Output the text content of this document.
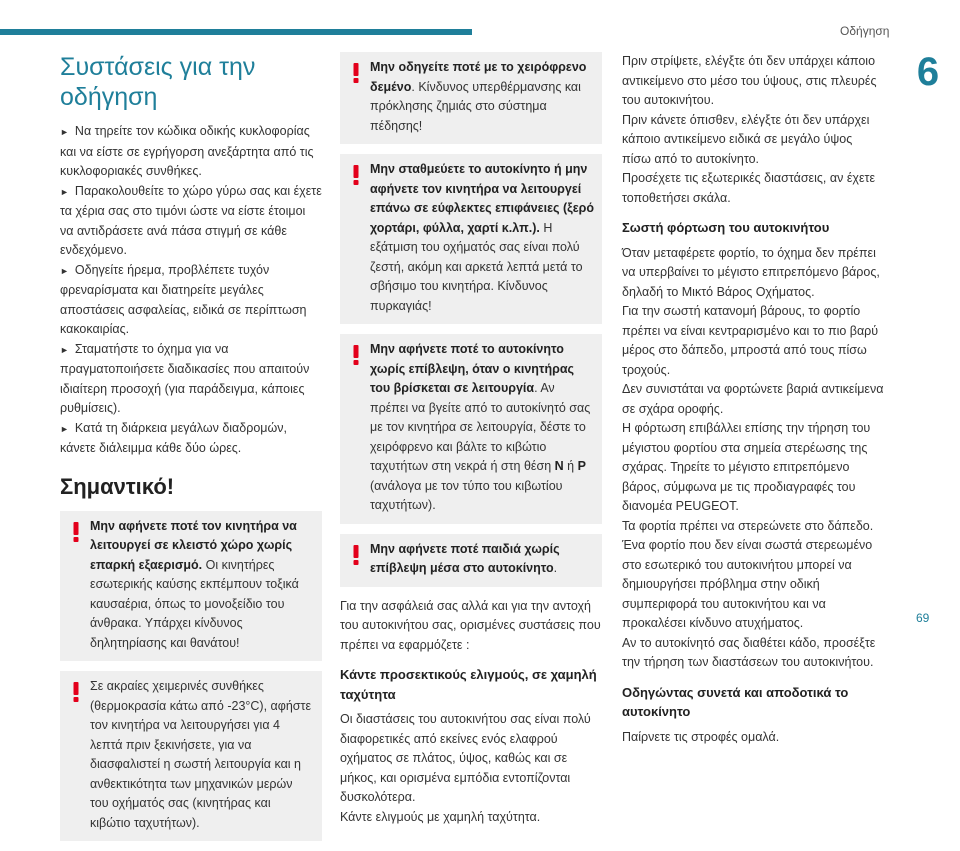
Οδήγηση
6
69
Συστάσεις για την οδήγηση

► Να τηρείτε τον κώδικα οδικής κυκλοφορίας και να είστε σε εγρήγορση ανεξάρτητα από τις κυκλοφοριακές συνθήκες.

► Παρακολουθείτε το χώρο γύρω σας και έχετε τα χέρια σας στο τιμόνι ώστε να είστε έτοιμοι να αντιδράσετε ανά πάσα στιγμή σε κάθε ενδεχόμενο.

► Οδηγείτε ήρεμα, προβλέπετε τυχόν φρεναρίσματα και διατηρείτε μεγάλες αποστάσεις ασφαλείας, ειδικά σε περίπτωση κακοκαιρίας.

► Σταματήστε το όχημα για να πραγματοποιήσετε διαδικασίες που απαιτούν ιδιαίτερη προσοχή (για παράδειγμα, κάποιες ρυθμίσεις).

► Κατά τη διάρκεια μεγάλων διαδρομών, κάνετε διάλειμμα κάθε δύο ώρες.

Σημαντικό!
Μην αφήνετε ποτέ τον κινητήρα να λειτουργεί σε κλειστό χώρο χωρίς επαρκή εξαερισμό. Οι κινητήρες εσωτερικής καύσης εκπέμπουν τοξικά καυσαέρια, όπως το μονοξείδιο του άνθρακα. Υπάρχει κίνδυνος δηλητηρίασης και θανάτου!
Σε ακραίες χειμερινές συνθήκες (θερμοκρασία κάτω από -23°C), αφήστε τον κινητήρα να λειτουργήσει για 4 λεπτά πριν ξεκινήσετε, για να διασφαλιστεί η σωστή λειτουργία και η ανθεκτικότητα των μηχανικών μερών του οχήματός σας (κινητήρας και κιβώτιο ταχυτήτων).
Μην οδηγείτε ποτέ με το χειρόφρενο δεμένο. Κίνδυνος υπερθέρμανσης και πρόκλησης ζημιάς στο σύστημα πέδησης!
Μην σταθμεύετε το αυτοκίνητο ή μην αφήνετε τον κινητήρα να λειτουργεί επάνω σε εύφλεκτες επιφάνειες (ξερό χορτάρι, φύλλα, χαρτί κ.λπ.). Η εξάτμιση του οχήματός σας είναι πολύ ζεστή, ακόμη και αρκετά λεπτά μετά το σβήσιμο του κινητήρα. Κίνδυνος πυρκαγιάς!
Μην αφήνετε ποτέ το αυτοκίνητο χωρίς επίβλεψη, όταν ο κινητήρας του βρίσκεται σε λειτουργία. Αν πρέπει να βγείτε από το αυτοκίνητό σας με τον κινητήρα σε λειτουργία, δέστε το χειρόφρενο και βάλτε το κιβώτιο ταχυτήτων στη νεκρά ή στη θέση N ή P (ανάλογα με τον τύπο του κιβωτίου ταχυτήτων).
Μην αφήνετε ποτέ παιδιά χωρίς επίβλεψη μέσα στο αυτοκίνητο.

Για την ασφάλειά σας αλλά και για την αντοχή του αυτοκινήτου σας, ορισμένες συστάσεις που πρέπει να εφαρμόζετε :

Κάντε προσεκτικούς ελιγμούς, σε χαμηλή ταχύτητα

Οι διαστάσεις του αυτοκινήτου σας είναι πολύ διαφορετικές από εκείνες ενός ελαφρού οχήματος σε πλάτος, ύψος, καθώς και σε μήκος, και ορισμένα εμπόδια εντοπίζονται δυσκολότερα.

Κάντε ελιγμούς με χαμηλή ταχύτητα.

Πριν στρίψετε, ελέγξτε ότι δεν υπάρχει κάποιο αντικείμενο στο μέσο του ύψους, στις πλευρές του αυτοκινήτου.

Πριν κάνετε όπισθεν, ελέγξτε ότι δεν υπάρχει κάποιο αντικείμενο ειδικά σε μεγάλο ύψος πίσω από το αυτοκίνητο.

Προσέχετε τις εξωτερικές διαστάσεις, αν έχετε τοποθετήσει σκάλα.

Σωστή φόρτωση του αυτοκινήτου

Όταν μεταφέρετε φορτίο, το όχημα δεν πρέπει να υπερβαίνει το μέγιστο επιτρεπόμενο βάρος, δηλαδή το Μικτό Βάρος Οχήματος.

Για την σωστή κατανομή βάρους, το φορτίο πρέπει να είναι κεντραρισμένο και το πιο βαρύ μέρος στο δάπεδο, μπροστά από τους πίσω τροχούς.

Δεν συνιστάται να φορτώνετε βαριά αντικείμενα σε σχάρα οροφής.

Η φόρτωση επιβάλλει επίσης την τήρηση του μέγιστου φορτίου στα σημεία στερέωσης της σχάρας. Τηρείτε το μέγιστο επιτρεπόμενο βάρος, σύμφωνα με τις προδιαγραφές του διανομέα PEUGEOT.

Τα φορτία πρέπει να στερεώνετε στο δάπεδο.

Ένα φορτίο που δεν είναι σωστά στερεωμένο στο εσωτερικό του αυτοκινήτου μπορεί να δημιουργήσει πρόβλημα στην οδική συμπεριφορά του αυτοκινήτου και να προκαλέσει κίνδυνο ατυχήματος.

Αν το αυτοκίνητό σας διαθέτει κάδο, προσέξτε την τήρηση των διαστάσεων του αυτοκινήτου.

Οδηγώντας συνετά και αποδοτικά το αυτοκίνητο

Παίρνετε τις στροφές ομαλά.
